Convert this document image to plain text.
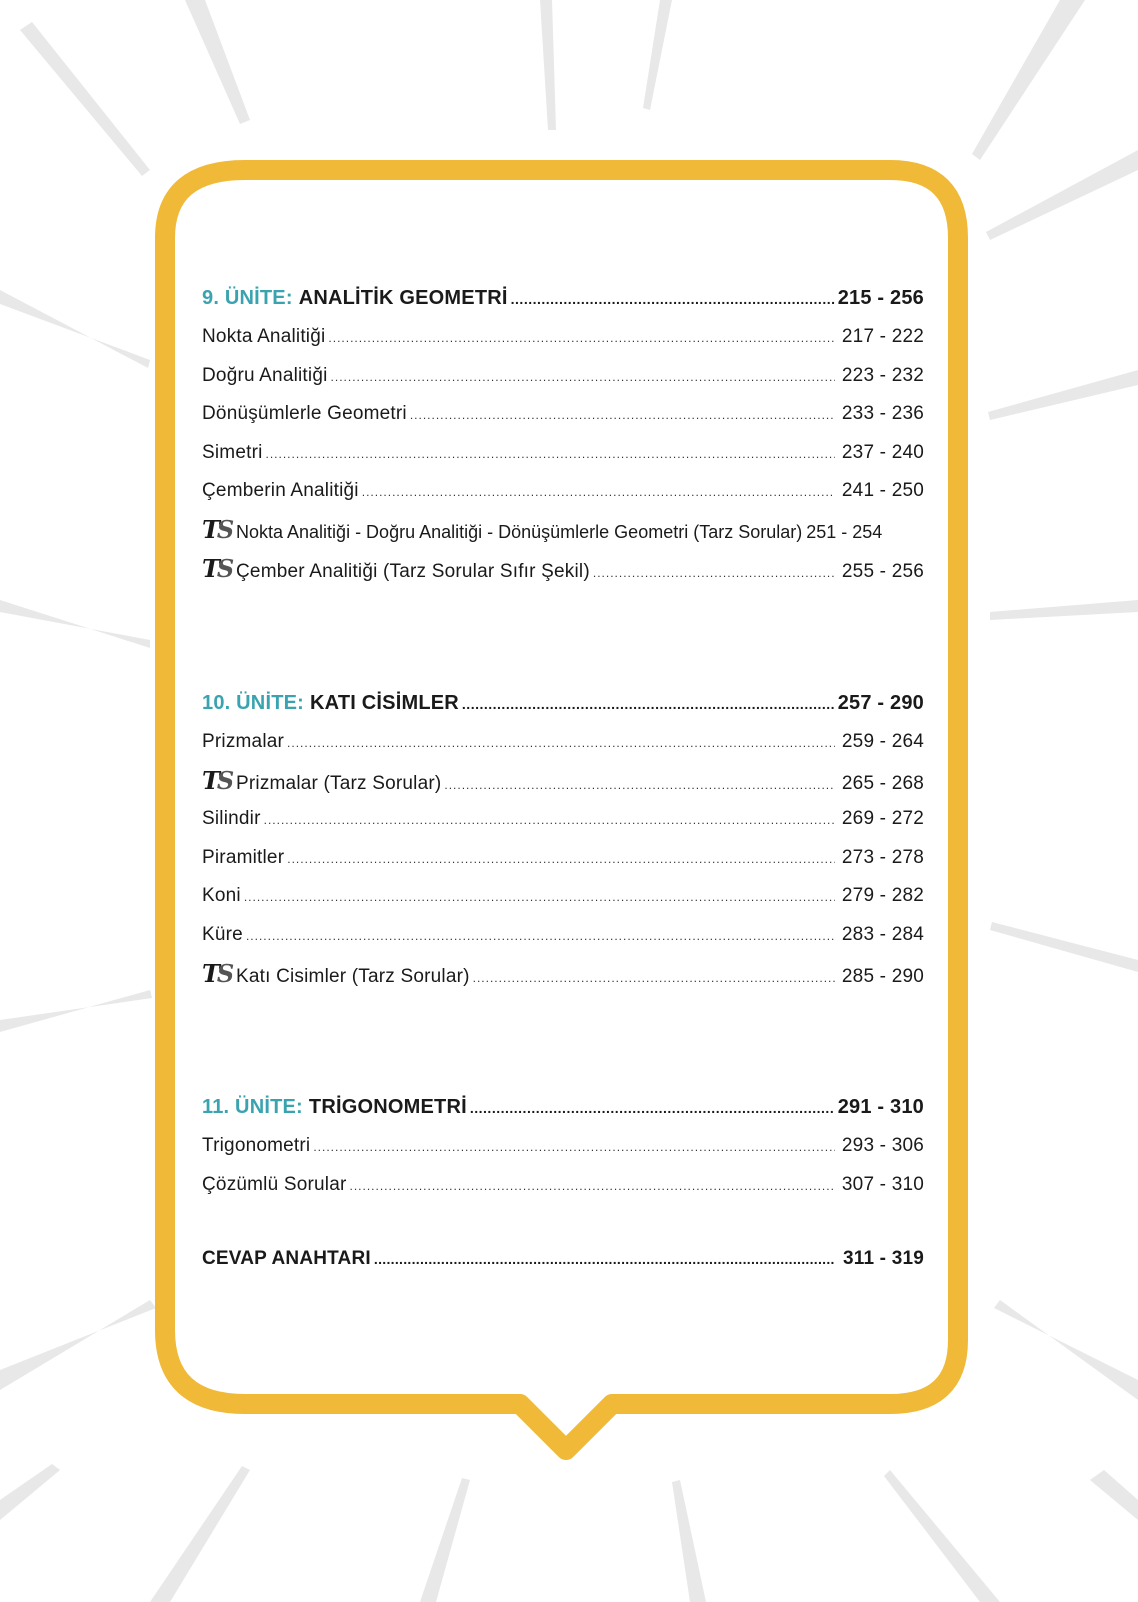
9. ÜNİTE: ANALİTİK GEOMETRİ .....	215 - 256
Nokta Analitiği .....	217 - 222
Doğru Analitiği .....	223 - 232
Dönüşümlerle Geometri .....	233 - 236
Simetri .....	237 - 240
Çemberin Analitiği .....	241 - 250
TS Nokta Analitiği - Doğru Analitiği - Dönüşümlerle Geometri (Tarz Sorular) 251 - 254
TS Çember Analitiği (Tarz Sorular Sıfır Şekil) .....	255 - 256
10. ÜNİTE: KATI CİSİMLER .....	257 - 290
Prizmalar .....	259 - 264
TS Prizmalar (Tarz Sorular) .....	265 - 268
Silindir .....	269 - 272
Piramitler .....	273 - 278
Koni .....	279 - 282
Küre .....	283 - 284
TS Katı Cisimler (Tarz Sorular) .....	285 - 290
11. ÜNİTE: TRİGONOMETRİ .....	291 - 310
Trigonometri .....	293 - 306
Çözümlü Sorular .....	307 - 310
CEVAP ANAHTARI .....	311 - 319
